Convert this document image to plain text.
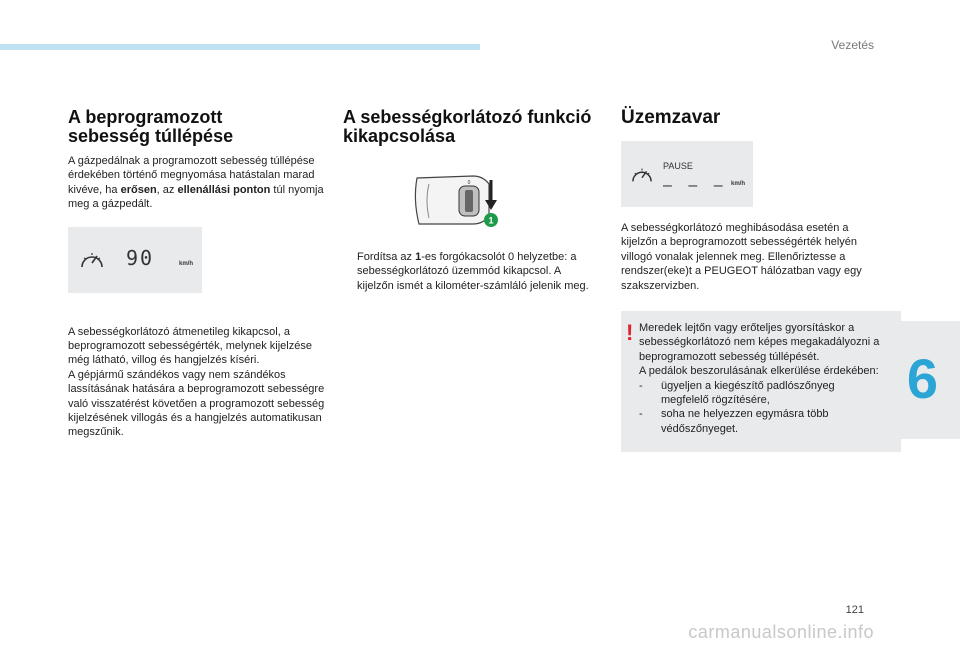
Vezetés
6
A beprogramozott
sebesség túllépése

A gázpedálnak a programozott sebesség túllépése érdekében történő megnyomása hatástalan marad kivéve, ha erősen, az ellenállási ponton túl nyomja meg a gázpedált.

90	km/h

A sebességkorlátozó átmenetileg kikapcsol, a beprogramozott sebességérték, melynek kijelzése még látható, villog és hangjelzés kíséri.

A gépjármű szándékos vagy nem szándékos lassításának hatására a beprogramozott sebességre való visszatérést követően a programozott sebesség kijelzésének villogás és a hangjelzés automatikusan megszűnik.

A sebességkorlátozó funkció
kikapcsolása
1
0

Fordítsa az 1-es forgókacsolót 0 helyzetbe: a sebességkorlátozó üzemmód kikapcsol. A kijelzőn ismét a kilométer-számláló jelenik meg.

Üzemzavar
PAUSE
– – – km/h

A sebességkorlátozó meghibásodása esetén a kijelzőn a beprogramozott sebességérték helyén villogó vonalak jelennek meg. Ellenőriztesse a rendszer(eke)t a PEUGEOT hálózatban vagy egy szakszervizben.

! Meredek lejtőn vagy erőteljes gyorsításkor a sebességkorlátozó nem képes megakadályozni a beprogramozott sebesség túllépését.

A pedálok beszorulásának elkerülése érdekében:

-	ügyeljen a kiegészítő padlószőnyeg megfelelő rögzítésére,

-	soha ne helyezzen egymásra több védőszőnyeget.

121
carmanualsonline.info
